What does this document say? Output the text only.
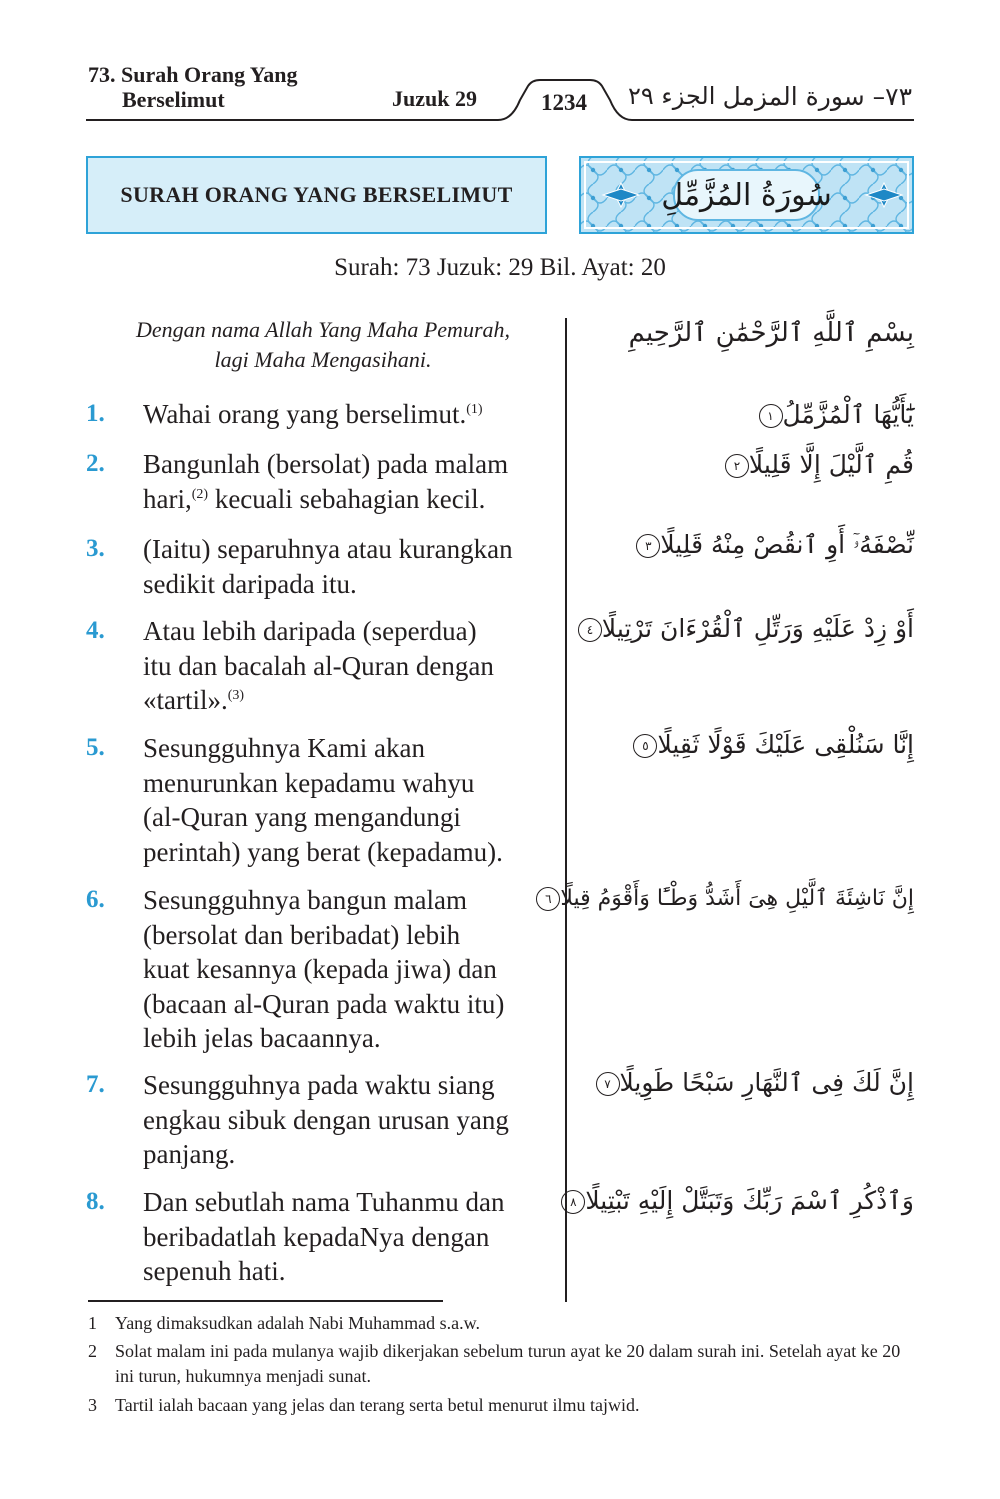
73. Surah Orang Yang
Berselimut	Juzuk 29	1234 الجزء ٢٩ ٧٣– سورة المزمل
SURAH ORANG YANG BERSELIMUT	سُورَةُ المُزَّمِّلِ
Surah: 73 Juzuk: 29 Bil. Ayat: 20
Dengan nama Allah Yang Maha Pemurah,
lagi Maha Mengasihani.
بِسْمِ ٱللَّهِ ٱلرَّحْمَٰنِ ٱلرَّحِيمِ
1. Wahai orang yang berselimut.$^{(1)}$	يَٰٓأَيُّهَا ٱلْمُزَّمِّلُ١
2. Bangunlah (bersolat) pada malam
hari,$^{(2)}$ kecuali sebahagian kecil.
قُمِ ٱلَّيْلَ إِلَّا قَلِيلًا٢
3. (Iaitu) separuhnya atau kurangkan
sedikit daripada itu.
نِّصْفَهُۥٓ أَوِ ٱنقُصْ مِنْهُ قَلِيلًا٣
4. Atau lebih daripada (seperdua)
itu dan bacalah al-Quran dengan
«tartil».$^{(3)}$
أَوْ زِدْ عَلَيْهِ وَرَتِّلِ ٱلْقُرْءَانَ تَرْتِيلًا٤
5. Sesungguhnya Kami akan
menurunkan kepadamu wahyu
(al-Quran yang mengandungi
perintah) yang berat (kepadamu).
إِنَّا سَنُلْقِى عَلَيْكَ قَوْلًا ثَقِيلًا٥
6. Sesungguhnya bangun malam
(bersolat dan beribadat) lebih
kuat kesannya (kepada jiwa) dan
(bacaan al-Quran pada waktu itu)
lebih jelas bacaannya.
إِنَّ نَاشِئَةَ ٱلَّيْلِ هِىَ أَشَدُّ وَطْـًٔا وَأَقْوَمُ قِيلًا٦
7. Sesungguhnya pada waktu siang
engkau sibuk dengan urusan yang
panjang.
إِنَّ لَكَ فِى ٱلنَّهَارِ سَبْحًا طَوِيلًا٧
8. Dan sebutlah nama Tuhanmu dan
beribadatlah kepadaNya dengan
sepenuh hati.
وَٱذْكُرِ ٱسْمَ رَبِّكَ وَتَبَتَّلْ إِلَيْهِ تَبْتِيلًا٨
1	Yang dimaksudkan adalah Nabi Muhammad s.a.w.
2	Solat malam ini pada mulanya wajib dikerjakan sebelum turun ayat ke 20 dalam surah ini. Setelah ayat ke 20 ini turun, hukumnya menjadi sunat.
3	Tartil ialah bacaan yang jelas dan terang serta betul menurut ilmu tajwid.
